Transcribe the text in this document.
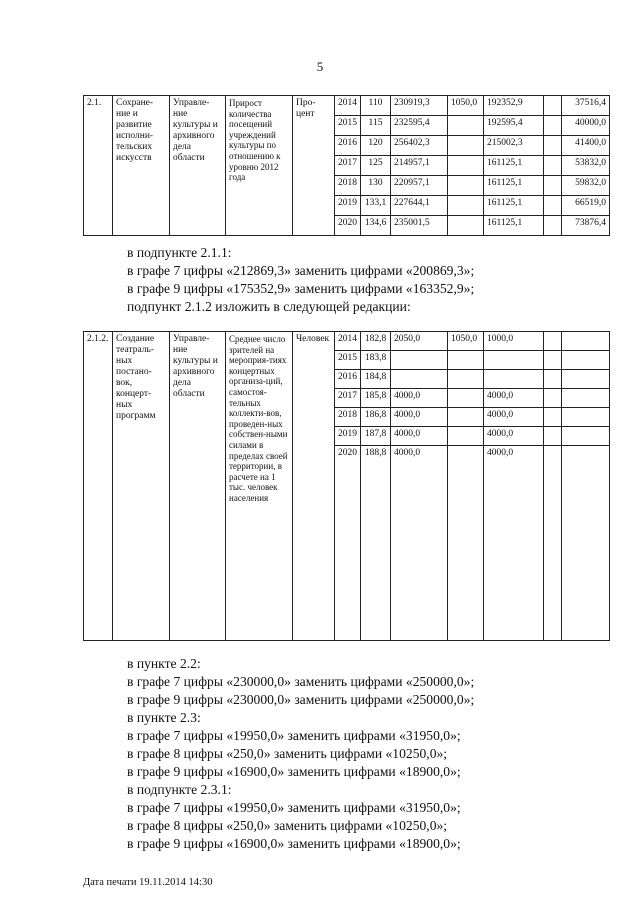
5
2.1.	Сохране-ние и развитие исполни-тельских искусств	Управле-ние культуры и архивного дела области	Прирост количества посещений учреждений культуры по отношению к уровню 2012 года	Про-цент	2014	110	230919,3	1050,0	192352,9		37516,4
					2015	115	232595,4		192595,4		40000,0
					2016	120	256402,3		215002,3		41400,0
					2017	125	214957,1		161125,1		53832,0
					2018	130	220957,1		161125,1		59832,0
					2019	133,1	227644,1		161125,1		66519,0
					2020	134,6	235001,5		161125,1		73876,4
в подпункте 2.1.1:
в графе 7 цифры «212869,3» заменить цифрами «200869,3»;
в графе 9 цифры «175352,9» заменить цифрами «163352,9»;
подпункт 2.1.2 изложить в следующей редакции:
2.1.2.	Создание театраль-ных постано-вок, концерт-ных программ	Управле-ние культуры и архивного дела области	Среднее число зрителей на мероприя-тиях концертных организа-ций, самостоя-тельных коллекти-вов, проведен-ных собствен-ными силами в пределах своей территории, в расчете на 1 тыс. человек населения	Человек	2014	182,8	2050,0	1050,0	1000,0		
					2015	183,8					
					2016	184,8					
					2017	185,8	4000,0		4000,0		
					2018	186,8	4000,0		4000,0		
					2019	187,8	4000,0		4000,0		
					2020	188,8	4000,0		4000,0		
в пункте 2.2:
в графе 7 цифры «230000,0» заменить цифрами «250000,0»;
в графе 9 цифры «230000,0» заменить цифрами «250000,0»;
в пункте 2.3:
в графе 7 цифры «19950,0» заменить цифрами «31950,0»;
в графе 8 цифры «250,0» заменить цифрами «10250,0»;
в графе 9 цифры «16900,0» заменить цифрами «18900,0»;
в подпункте 2.3.1:
в графе 7 цифры «19950,0» заменить цифрами «31950,0»;
в графе 8 цифры «250,0» заменить цифрами «10250,0»;
в графе 9 цифры «16900,0» заменить цифрами «18900,0»;
Дата печати 19.11.2014 14:30
